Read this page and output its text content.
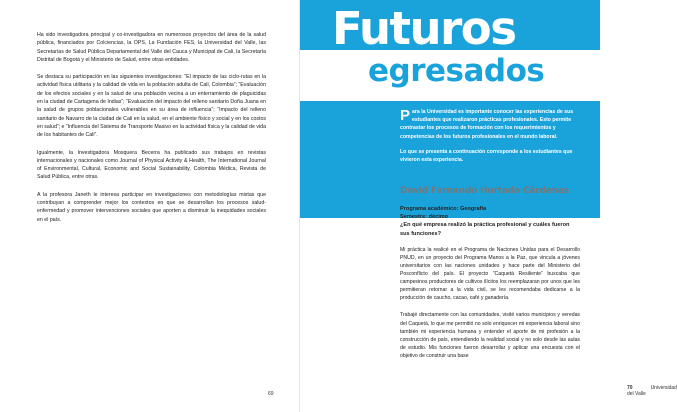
Ha sido investigadora principal y co-investigadora en numerosos proyectos del área de la salud pública, financiados por Colciencias, la OPS, La Fundación FES, la Universidad del Valle, las Secretarías de Salud Pública Departamental del Valle del Cauca y Municipal de Cali, la Secretaría Distrital de Bogotá y el Ministerio de Salud, entre otras entidades.

Se destaca su participación en las siguientes investigaciones: “El impacto de las ciclo-rutas en la actividad física utilitaria y la calidad de vida en la población adulta de Cali, Colombia”; “Evaluación de los efectos sociales y en la salud de una población vecina a un enterramiento de plaguicidas en la ciudad de Cartagena de Indias”; “Evaluación del impacto del relleno sanitario Doña Juana en la salud de grupos poblacionales vulnerables en su área de influencia”; “Impacto del relleno sanitario de Navarro de la ciudad de Cali en la salud, en el ambiente físico y social y en los costos en salud”; e “Influencia del Sistema de Transporte Masivo en la actividad física y la calidad de vida de los habitantes de Cali”.

Igualmente, la Investigadora Mosquera Becerra ha publicado sus trabajos en revistas internacionales y nacionales como Journal of Physical Activity & Health, The International Journal of Environmental, Cultural, Economic and Social Sustainability, Colombia Médica, Revista de Salud Pública, entre otras.

A la profesora Janeth le interesa participar en investigaciones con metodologías mixtas que contribuyan a comprender mejor los contextos en que se desarrollan los procesos salud-enfermedad y promover intervenciones sociales que aporten a disminuir la inequidades sociales en el país.

69
Futuros
egresados

Para la Universidad es importante conocer las experiencias de sus estudiantes que realizaron prácticas profesionales. Esto permite contrastar los procesos de formación con los requerimientos y competencias de los futuros profesionales en el mundo laboral.

Lo que se presenta a continuación corresponde a los estudiantes que vivieron esta experiencia.

David Fernando Hurtado Cárdenas
Programa académico: Geografía
Semestre: décimo
¿En qué empresa realizó la práctica profesional y cuáles fueron sus funciones?

Mi práctica la realicé en el Programa de Naciones Unidas para el Desarrollo PNUD, en un proyecto del Programa Manos a la Paz, que vincula a jóvenes universitarios con las naciones unidades y hace parte del Ministerio del Posconflicto del país. El proyecto “Caquetá Resiliente” buscaba que campesinos productores de cultivos ilícitos los reemplazaran por unos que les permitieran retornar a la vida civil, se les recomendaba dedicarse a la producción de caucho, cacao, café y ganadería.

Trabajé directamente con las comunidades, visité varios municipios y veredas del Caquetá, lo que me permitió no solo enriquecer mi experiencia laboral sino también mi experiencia humana y entender el aporte de mi profesión a la construcción de país, entendiendo la realidad social y no solo desde las aulas de estudio. Mis funciones fueron desarrollar y aplicar una encuesta con el objetivo de construir una base

70	Universidad del Valle
